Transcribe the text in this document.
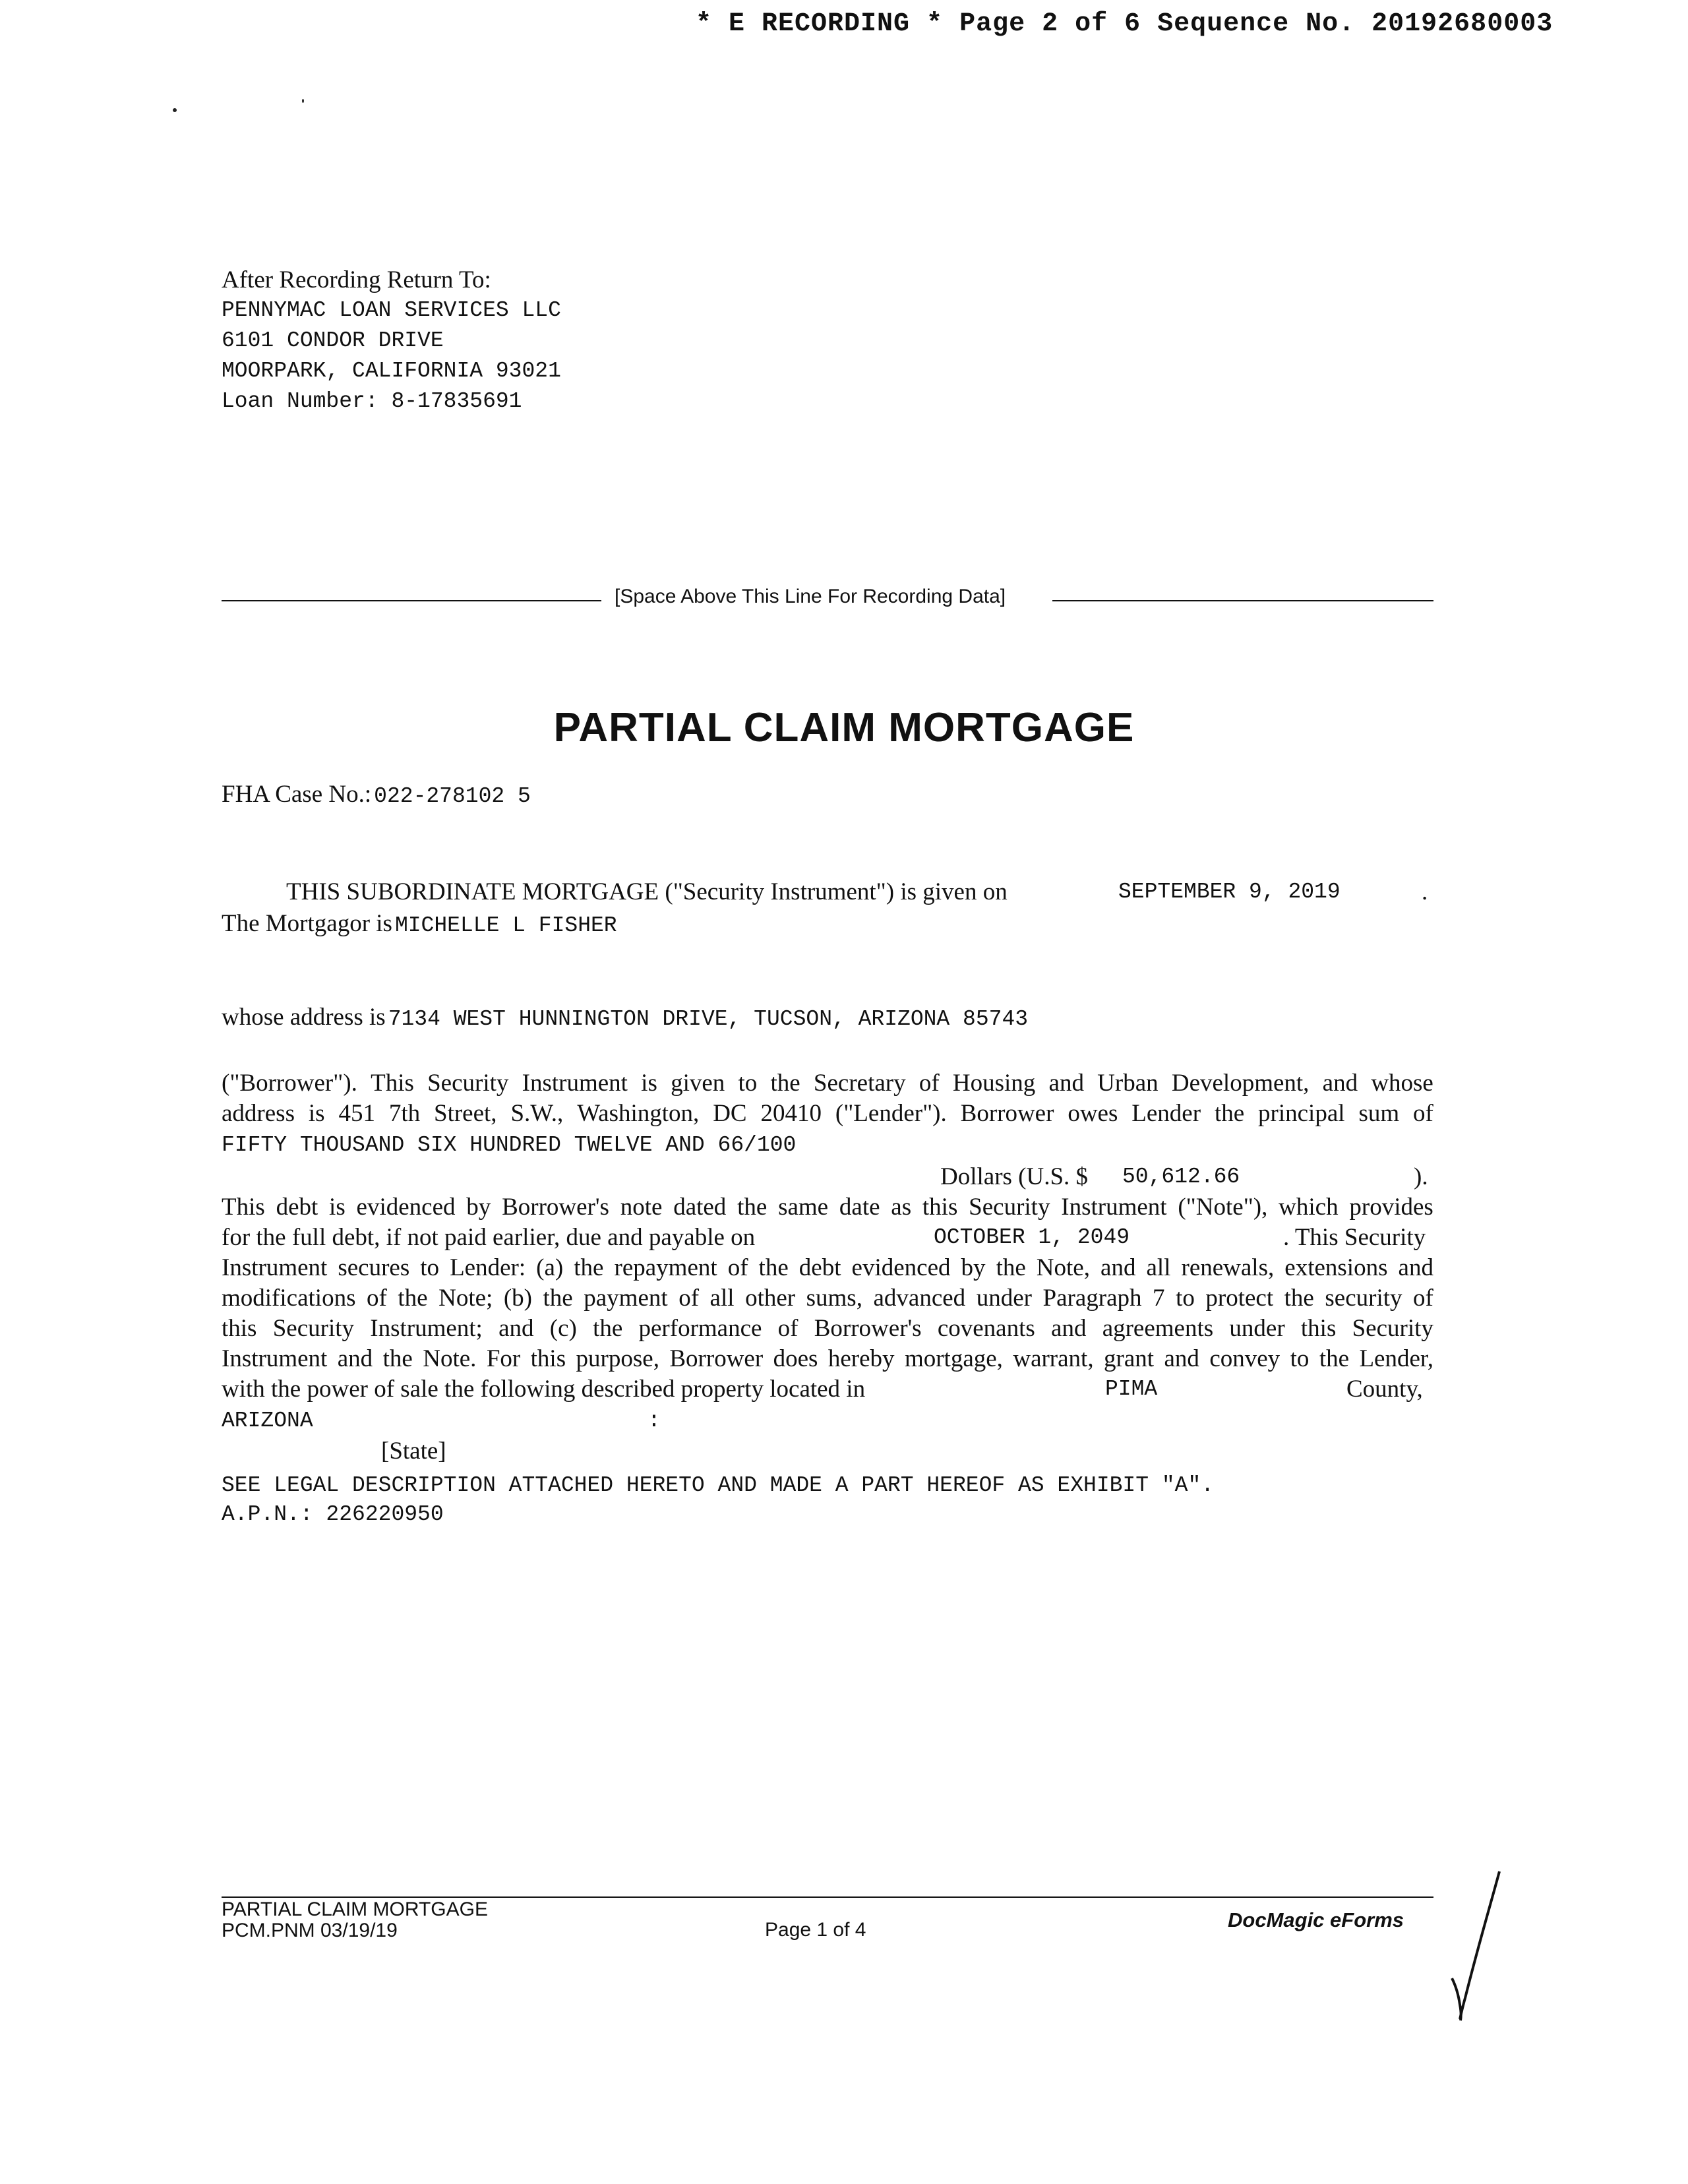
* E RECORDING * Page 2 of 6 Sequence No. 20192680003
After Recording Return To:
PENNYMAC LOAN SERVICES LLC
6101 CONDOR DRIVE
MOORPARK, CALIFORNIA 93021
Loan Number: 8-17835691
[Space Above This Line For Recording Data]
PARTIAL CLAIM MORTGAGE
FHA Case No.: 022-278102 5
THIS SUBORDINATE MORTGAGE ("Security Instrument") is given on	SEPTEMBER 9, 2019	.
The Mortgagor is MICHELLE L FISHER
whose address is 7134 WEST HUNNINGTON DRIVE, TUCSON, ARIZONA 85743
("Borrower"). This Security Instrument is given to the Secretary of Housing and Urban Development, and whose
address is 451 7th Street, S.W., Washington, DC 20410 ("Lender"). Borrower owes Lender the principal sum of
FIFTY THOUSAND SIX HUNDRED TWELVE AND 66/100
Dollars (U.S. $ 50,612.66	).
This debt is evidenced by Borrower's note dated the same date as this Security Instrument ("Note"), which provides
for the full debt, if not paid earlier, due and payable on	OCTOBER 1, 2049	. This Security
Instrument secures to Lender: (a) the repayment of the debt evidenced by the Note, and all renewals, extensions and
modifications of the Note; (b) the payment of all other sums, advanced under Paragraph 7 to protect the security of
this Security Instrument; and (c) the performance of Borrower's covenants and agreements under this Security
Instrument and the Note. For this purpose, Borrower does hereby mortgage, warrant, grant and convey to the Lender,
with the power of sale the following described property located in	PIMA	County,
ARIZONA	:
[State]
SEE LEGAL DESCRIPTION ATTACHED HERETO AND MADE A PART HEREOF AS EXHIBIT "A".
A.P.N.: 226220950
PARTIAL CLAIM MORTGAGE
PCM.PNM 03/19/19	Page 1 of 4	DocMagic eForms
